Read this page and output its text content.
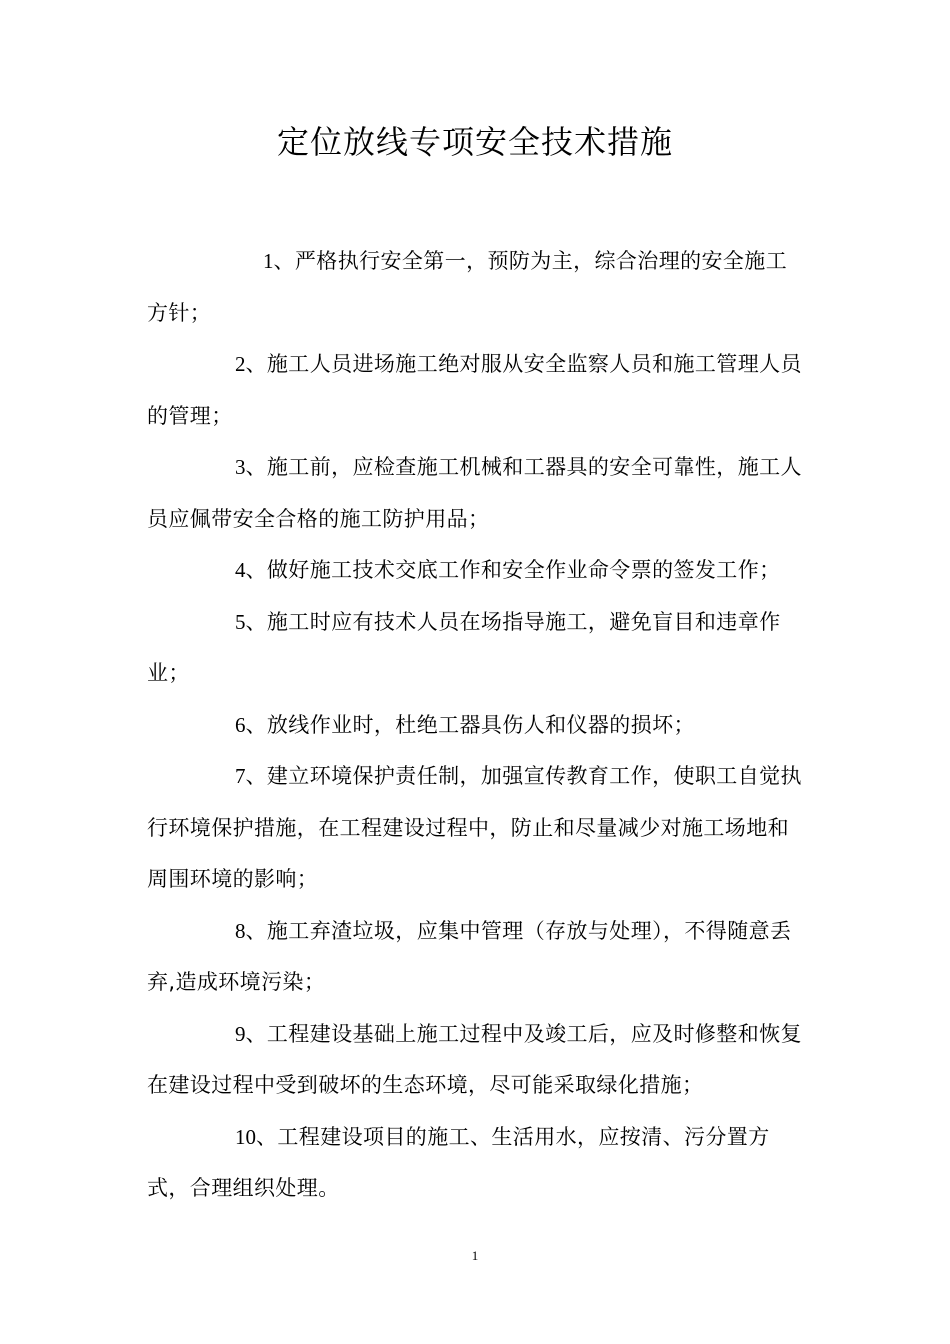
定位放线专项安全技术措施

1、严格执行安全第一，预防为主，综合治理的安全施工方针；

2、施工人员进场施工绝对服从安全监察人员和施工管理人员的管理；

3、施工前，应检查施工机械和工器具的安全可靠性，施工人员应佩带安全合格的施工防护用品；

4、做好施工技术交底工作和安全作业命令票的签发工作；

5、施工时应有技术人员在场指导施工，避免盲目和违章作业；

6、放线作业时，杜绝工器具伤人和仪器的损坏；

7、建立环境保护责任制，加强宣传教育工作，使职工自觉执行环境保护措施，在工程建设过程中，防止和尽量减少对施工场地和周围环境的影响；

8、施工弃渣垃圾，应集中管理（存放与处理），不得随意丢弃,造成环境污染；

9、工程建设基础上施工过程中及竣工后，应及时修整和恢复在建设过程中受到破坏的生态环境，尽可能采取绿化措施；

10、工程建设项目的施工、生活用水，应按清、污分置方式，合理组织处理。

1
